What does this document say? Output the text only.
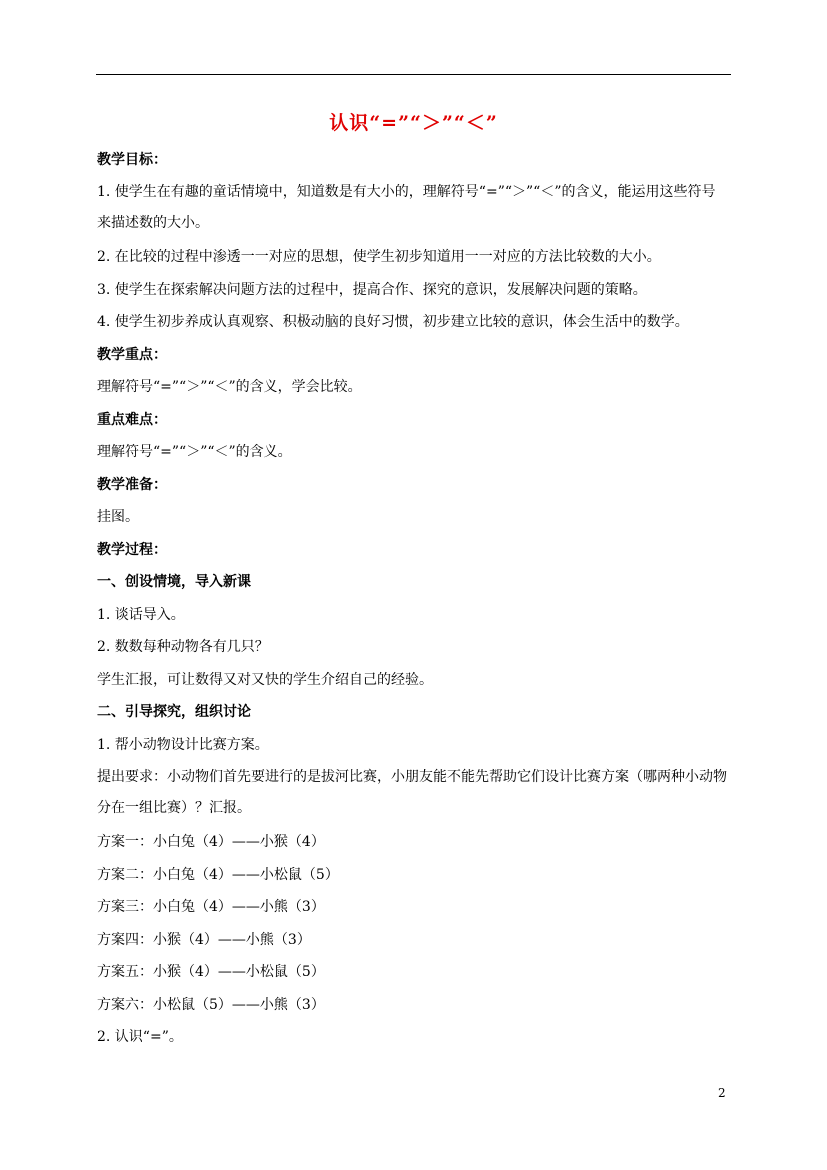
认识“=”“＞”“＜”
教学目标：
1. 使学生在有趣的童话情境中，知道数是有大小的，理解符号“=”“＞”“＜”的含义，能运用这些符号来描述数的大小。
2. 在比较的过程中渗透一一对应的思想，使学生初步知道用一一对应的方法比较数的大小。
3. 使学生在探索解决问题方法的过程中，提高合作、探究的意识，发展解决问题的策略。
4. 使学生初步养成认真观察、积极动脑的良好习惯，初步建立比较的意识，体会生活中的数学。
教学重点：
理解符号“=”“＞”“＜”的含义，学会比较。
重点难点：
理解符号“=”“＞”“＜”的含义。
教学准备：
挂图。
教学过程：
一、创设情境，导入新课
1. 谈话导入。
2. 数数每种动物各有几只？
学生汇报，可让数得又对又快的学生介绍自己的经验。
二、引导探究，组织讨论
1. 帮小动物设计比赛方案。
提出要求：小动物们首先要进行的是拔河比赛，小朋友能不能先帮助它们设计比赛方案（哪两种小动物分在一组比赛）？汇报。
方案一：小白兔（4）——小猴（4）
方案二：小白兔（4）——小松鼠（5）
方案三：小白兔（4）——小熊（3）
方案四：小猴（4）——小熊（3）
方案五：小猴（4）——小松鼠（5）
方案六：小松鼠（5）——小熊（3）
2. 认识“=”。
2
